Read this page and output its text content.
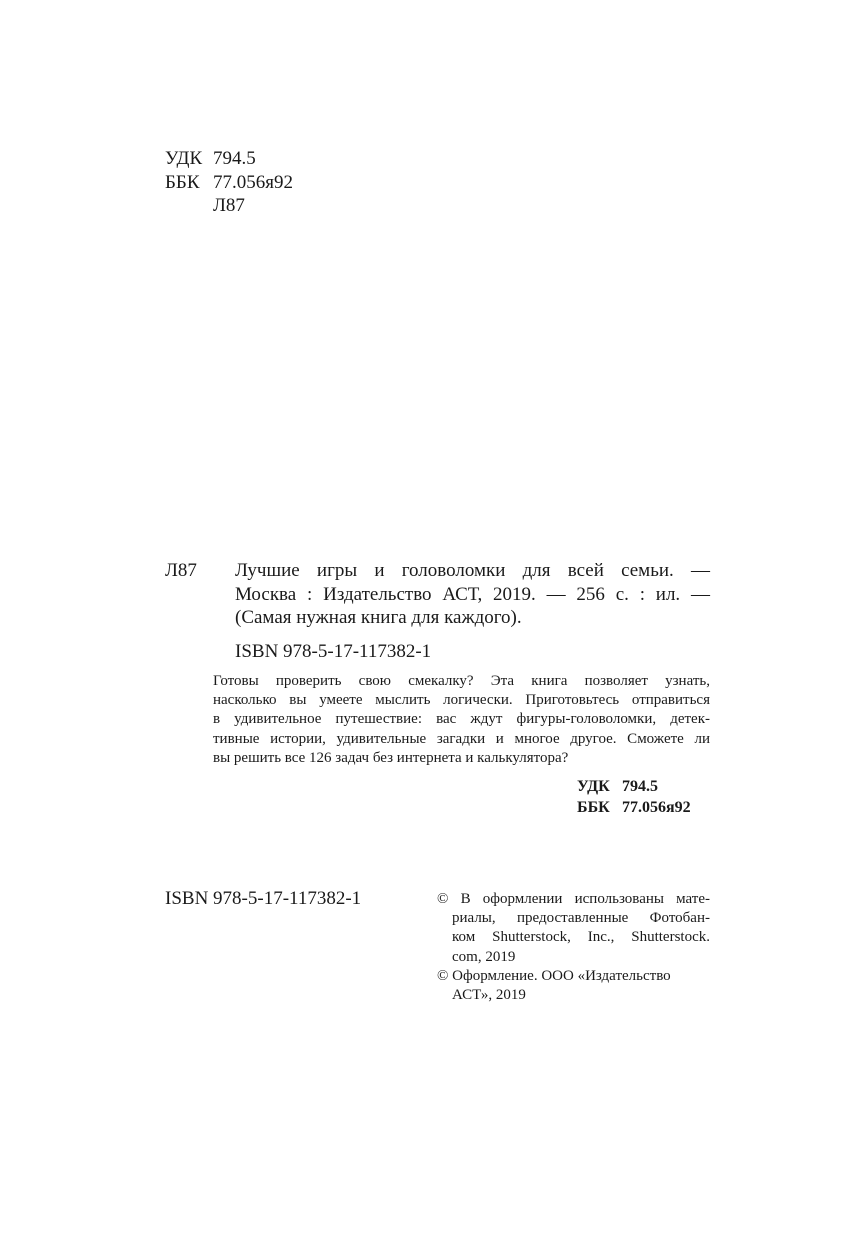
УДК 794.5
ББК 77.056я92
Л87
Л87	Лучшие игры и головоломки для всей семьи. —
Москва : Издательство АСТ, 2019. — 256 с. : ил. —
(Самая нужная книга для каждого).
ISBN 978-5-17-117382-1
Готовы проверить свою смекалку? Эта книга позволяет узнать,
насколько вы умеете мыслить логически. Приготовьтесь отправиться
в удивительное путешествие: вас ждут фигуры-головоломки, детек-
тивные истории, удивительные загадки и многое другое. Сможете ли
вы решить все 126 задач без интернета и калькулятора?
УДК 794.5
ББК 77.056я92
ISBN 978-5-17-117382-1	© В оформлении использованы мате-
риалы, предоставленные Фотобан-
ком Shutterstock, Inc., Shutterstock.
com, 2019
© Оформление. ООО «Издательство
АСТ», 2019
